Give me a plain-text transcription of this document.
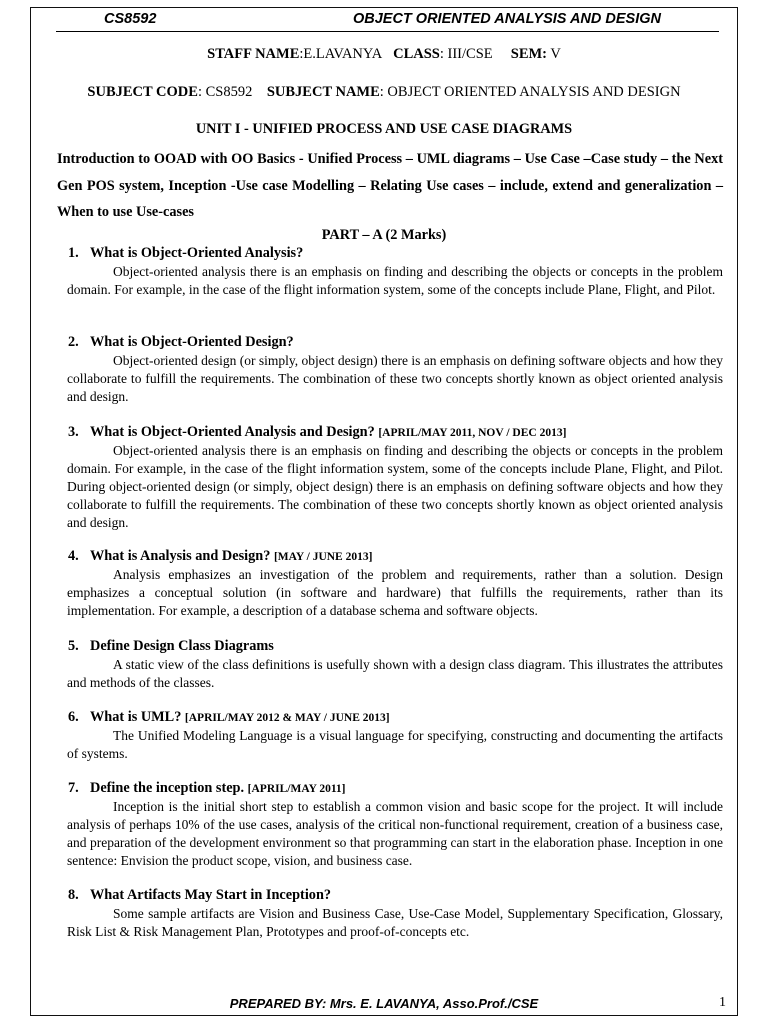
CS8592	OBJECT ORIENTED ANALYSIS AND DESIGN
STAFF NAME:E.LAVANYA CLASS: III/CSE SEM: V
SUBJECT CODE: CS8592 SUBJECT NAME: OBJECT ORIENTED ANALYSIS AND DESIGN
UNIT I - UNIFIED PROCESS AND USE CASE DIAGRAMS
Introduction to OOAD with OO Basics - Unified Process – UML diagrams – Use Case –Case study – the Next Gen POS system, Inception -Use case Modelling – Relating Use cases – include, extend and generalization – When to use Use-cases
PART – A (2 Marks)
1. What is Object-Oriented Analysis?
Object-oriented analysis there is an emphasis on finding and describing the objects or concepts in the problem domain. For example, in the case of the flight information system, some of the concepts include Plane, Flight, and Pilot.
2. What is Object-Oriented Design?
Object-oriented design (or simply, object design) there is an emphasis on defining software objects and how they collaborate to fulfill the requirements. The combination of these two concepts shortly known as object oriented analysis and design.
3. What is Object-Oriented Analysis and Design? [APRIL/MAY 2011, NOV / DEC 2013]
Object-oriented analysis there is an emphasis on finding and describing the objects or concepts in the problem domain. For example, in the case of the flight information system, some of the concepts include Plane, Flight, and Pilot. During object-oriented design (or simply, object design) there is an emphasis on defining software objects and how they collaborate to fulfill the requirements. The combination of these two concepts shortly known as object oriented analysis and design.
4. What is Analysis and Design? [MAY / JUNE 2013]
Analysis emphasizes an investigation of the problem and requirements, rather than a solution. Design emphasizes a conceptual solution (in software and hardware) that fulfills the requirements, rather than its implementation. For example, a description of a database schema and software objects.
5. Define Design Class Diagrams
A static view of the class definitions is usefully shown with a design class diagram. This illustrates the attributes and methods of the classes.
6. What is UML? [APRIL/MAY 2012 & MAY / JUNE 2013]
The Unified Modeling Language is a visual language for specifying, constructing and documenting the artifacts of systems.
7. Define the inception step. [APRIL/MAY 2011]
Inception is the initial short step to establish a common vision and basic scope for the project. It will include analysis of perhaps 10% of the use cases, analysis of the critical non-functional requirement, creation of a business case, and preparation of the development environment so that programming can start in the elaboration phase. Inception in one sentence: Envision the product scope, vision, and business case.
8. What Artifacts May Start in Inception?
Some sample artifacts are Vision and Business Case, Use-Case Model, Supplementary Specification, Glossary, Risk List & Risk Management Plan, Prototypes and proof-of-concepts etc.
PREPARED BY: Mrs. E. LAVANYA, Asso.Prof./CSE	1
